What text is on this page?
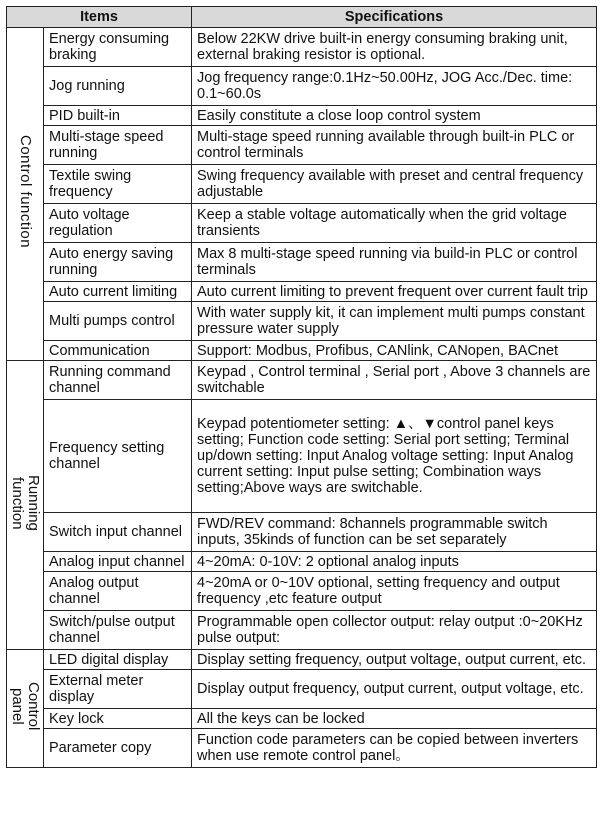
Items		Specifications
Control function	Energy consuming braking	Below 22KW drive built-in energy consuming braking unit, external braking resistor is optional.
	Jog running	Jog frequency range:0.1Hz~50.00Hz, JOG Acc./Dec. time: 0.1~60.0s
	PID built-in	Easily constitute a close loop control system
	Multi-stage speed running	Multi-stage speed running available through built-in PLC or control terminals
	Textile swing frequency	Swing frequency available with preset and central frequency adjustable
	Auto voltage regulation	Keep a stable voltage automatically when the grid voltage transients
	Auto energy saving running	Max 8 multi-stage speed running via build-in PLC or control terminals
	Auto current limiting	Auto current limiting to prevent frequent over current fault trip
	Multi pumps control	With water supply kit, it can implement multi pumps constant pressure water supply
	Communication	Support: Modbus, Profibus, CANlink, CANopen, BACnet
Running function	Running command channel	Keypad , Control terminal , Serial port , Above 3 channels are switchable
	Frequency setting channel	Keypad potentiometer setting: ▲、▼control panel keys setting; Function code setting: Serial port setting; Terminal up/down setting: Input Analog voltage setting: Input Analog current setting: Input pulse setting; Combination ways setting;Above ways are switchable.
	Switch input channel	FWD/REV command: 8channels programmable switch inputs, 35kinds of function can be set separately
	Analog input channel	4~20mA: 0-10V: 2 optional analog inputs
	Analog output channel	4~20mA or 0~10V optional, setting frequency and output frequency ,etc feature output
	Switch/pulse output channel	Programmable open collector output: relay output :0~20KHz pulse output:
Control panel	LED digital display	Display setting frequency, output voltage, output current, etc.
	External meter display	Display output frequency, output current, output voltage, etc.
	Key lock	All the keys can be locked
	Parameter copy	Function code parameters can be copied between inverters when use remote control panel。
